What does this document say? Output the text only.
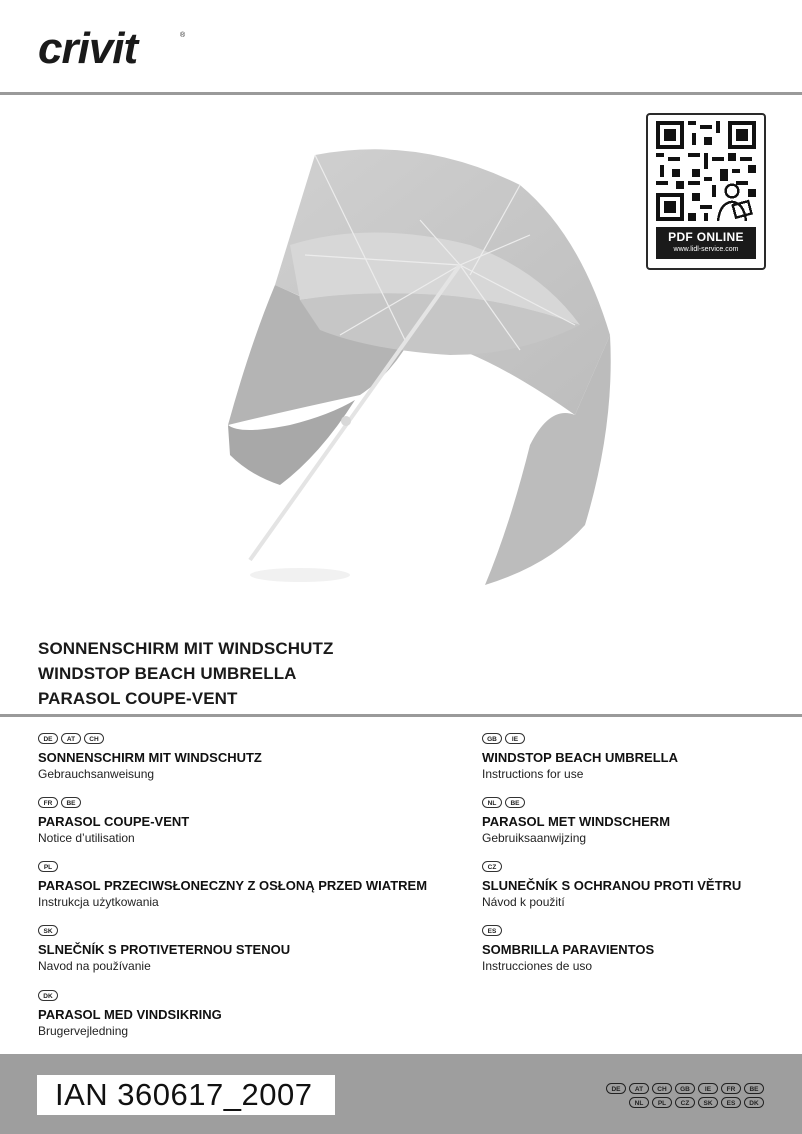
crivit	®
PDF ONLINE
www.lidl-service.com
SONNENSCHIRM MIT WINDSCHUTZ
WINDSTOP BEACH UMBRELLA
PARASOL COUPE-VENT
DE	AT	CH
SONNENSCHIRM MIT WINDSCHUTZ
Gebrauchsanweisung
FR	BE
PARASOL COUPE-VENT
Notice d’utilisation
PL
PARASOL PRZECIWSŁONECZNY Z OSŁONĄ PRZED WIATREM
Instrukcja użytkowania
SK
SLNEČNÍK S PROTIVETERNOU STENOU
Navod na používanie
DK
PARASOL MED VINDSIKRING
Brugervejledning
GB	IE
WINDSTOP BEACH UMBRELLA
Instructions for use
NL	BE
PARASOL MET WINDSCHERM
Gebruiksaanwijzing
CZ
SLUNEČNÍK S OCHRANOU PROTI VĚTRU
Návod k použití
ES
SOMBRILLA PARAVIENTOS
Instrucciones de uso
IAN 360617_2007	DE	AT	CH	GB	IE	FR	BE
NL	PL	CZ	SK	ES	DK
